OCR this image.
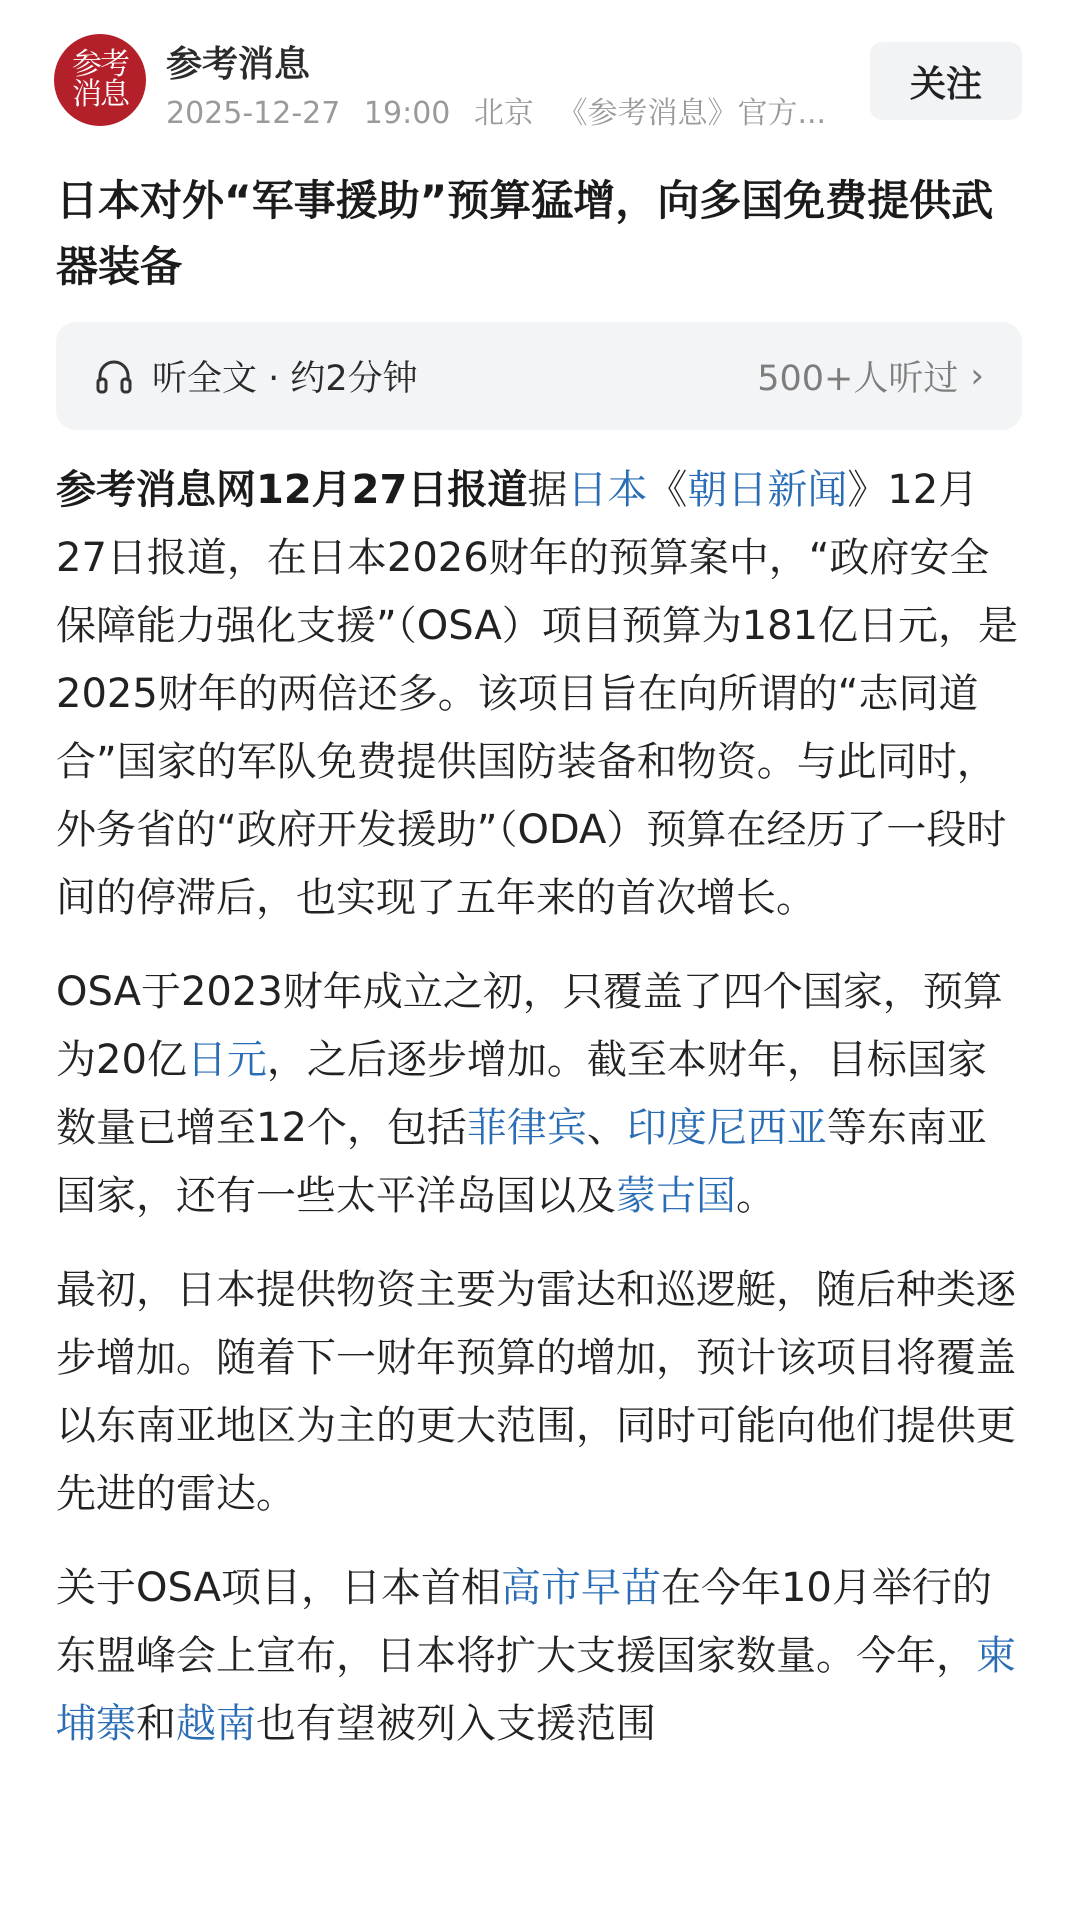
参考消息
参考消息
2025-12-27 19:00 北京 《参考消息》官方...
关注
日本对外“军事援助”预算猛增，向多国免费提供武器装备
听全文 · 约2分钟	500+人听过 ›

参考消息网12月27日报道据日本《朝日新闻》12月27日报道，在日本2026财年的预算案中，“政府安全保障能力强化支援”（OSA）项目预算为181亿日元，是2025财年的两倍还多。该项目旨在向所谓的“志同道合”国家的军队免费提供国防装备和物资。与此同时，外务省的“政府开发援助”（ODA）预算在经历了一段时间的停滞后，也实现了五年来的首次增长。

OSA于2023财年成立之初，只覆盖了四个国家，预算为20亿日元，之后逐步增加。截至本财年，目标国家数量已增至12个，包括菲律宾、印度尼西亚等东南亚国家，还有一些太平洋岛国以及蒙古国。

最初，日本提供物资主要为雷达和巡逻艇，随后种类逐步增加。随着下一财年预算的增加，预计该项目将覆盖以东南亚地区为主的更大范围，同时可能向他们提供更先进的雷达。

关于OSA项目，日本首相高市早苗在今年10月举行的东盟峰会上宣布，日本将扩大支援国家数量。今年，柬埔寨和越南也有望被列入支援范围
